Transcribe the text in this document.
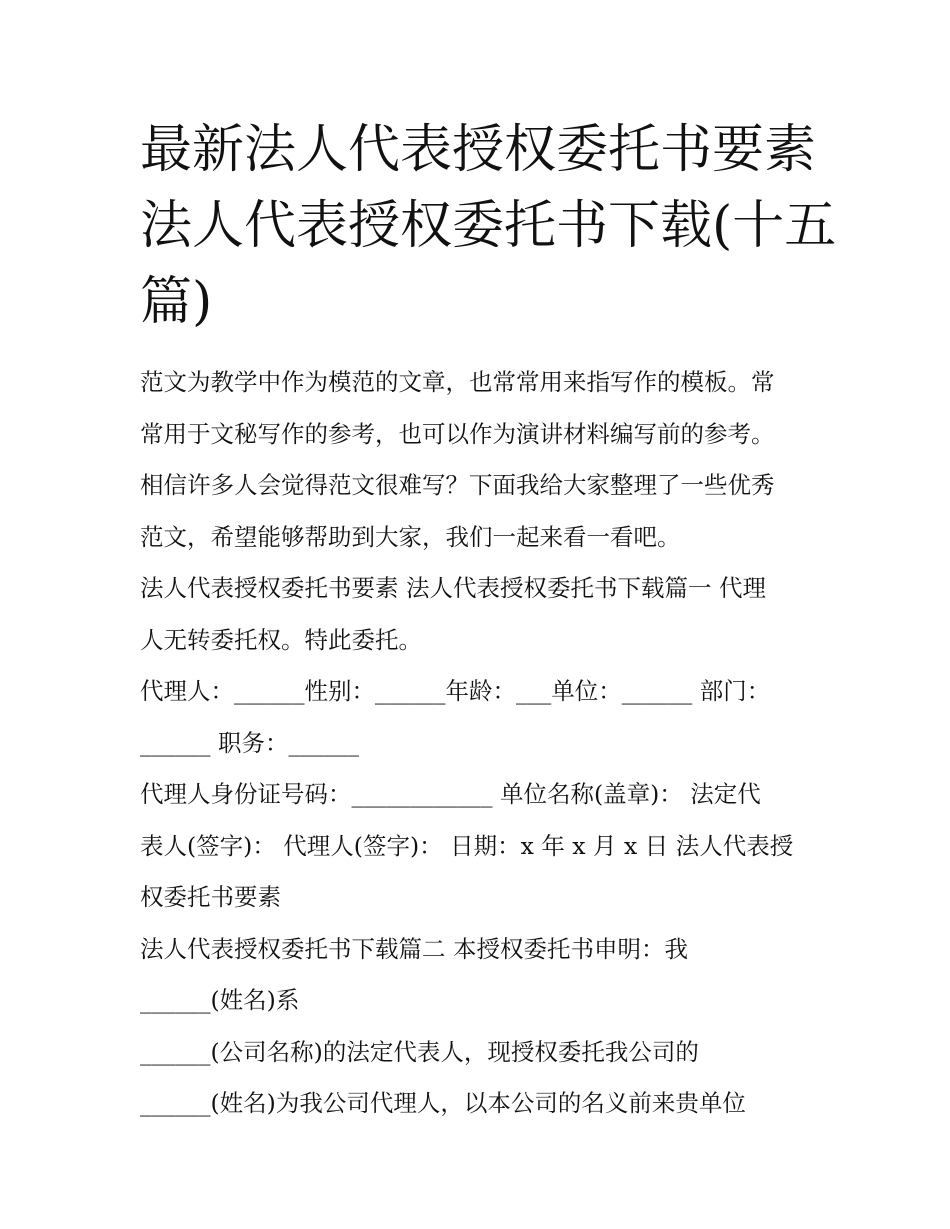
最新法人代表授权委托书要素
法人代表授权委托书下载(十五
篇)
范文为教学中作为模范的文章，也常常用来指写作的模板。常
常用于文秘写作的参考，也可以作为演讲材料编写前的参考。
相信许多人会觉得范文很难写？下面我给大家整理了一些优秀
范文，希望能够帮助到大家，我们一起来看一看吧。
法人代表授权委托书要素 法人代表授权委托书下载篇一 代理
人无转委托权。特此委托。
代理人：______性别：______年龄：___单位：______ 部门：
______ 职务：______
代理人身份证号码：____________ 单位名称(盖章)： 法定代
表人(签字)： 代理人(签字)： 日期：x 年 x 月 x 日 法人代表授
权委托书要素
法人代表授权委托书下载篇二 本授权委托书申明：我
______(姓名)系
______(公司名称)的法定代表人，现授权委托我公司的
______(姓名)为我公司代理人，以本公司的名义前来贵单位
